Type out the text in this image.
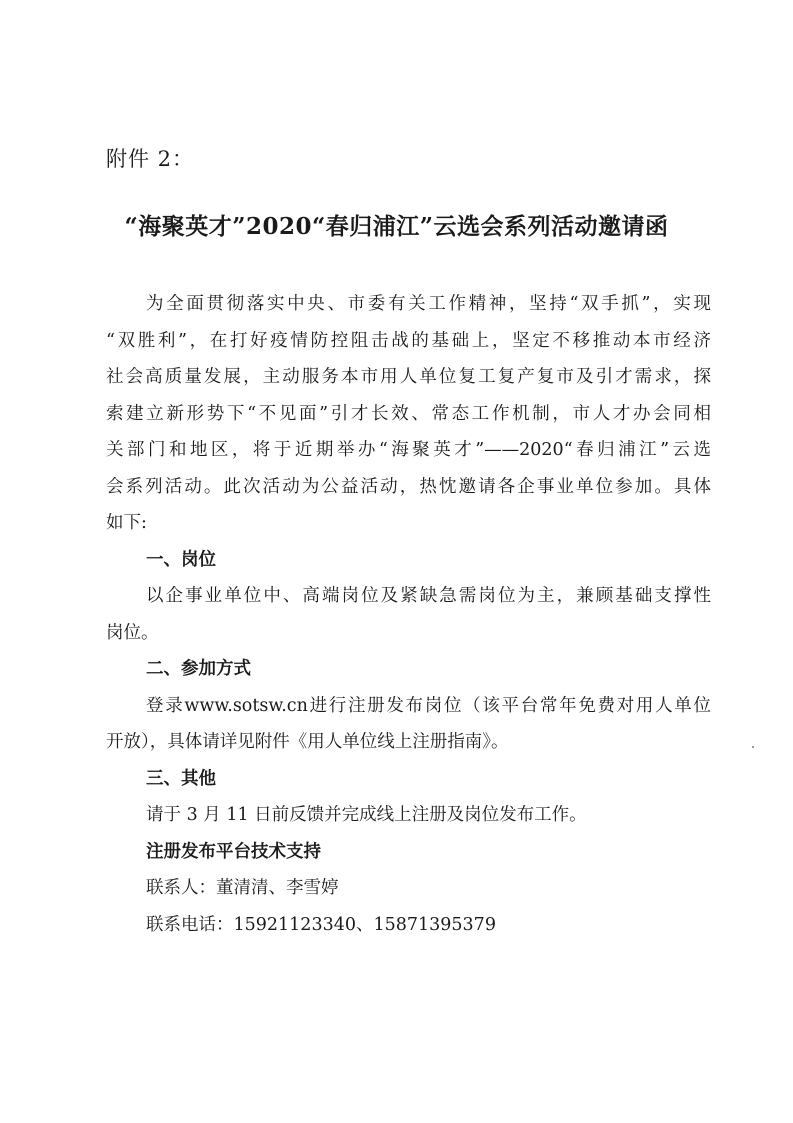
附件 2：
“海聚英才”2020“春归浦江”云选会系列活动邀请函
为全面贯彻落实中央、市委有关工作精神，坚持“双手抓”，实现
“双胜利”，在打好疫情防控阻击战的基础上，坚定不移推动本市经济
社会高质量发展，主动服务本市用人单位复工复产复市及引才需求，探
索建立新形势下“不见面”引才长效、常态工作机制，市人才办会同相
关部门和地区，将于近期举办“海聚英才”——2020“春归浦江”云选
会系列活动。此次活动为公益活动，热忱邀请各企事业单位参加。具体
如下:
一、岗位
以企事业单位中、高端岗位及紧缺急需岗位为主，兼顾基础支撑性
岗位。
二、参加方式
登录www.sotsw.cn进行注册发布岗位（该平台常年免费对用人单位
开放），具体请详见附件《用人单位线上注册指南》。
三、其他
请于 3 月 11 日前反馈并完成线上注册及岗位发布工作。
注册发布平台技术支持
联系人：董清清、李雪婷
联系电话：15921123340、15871395379
